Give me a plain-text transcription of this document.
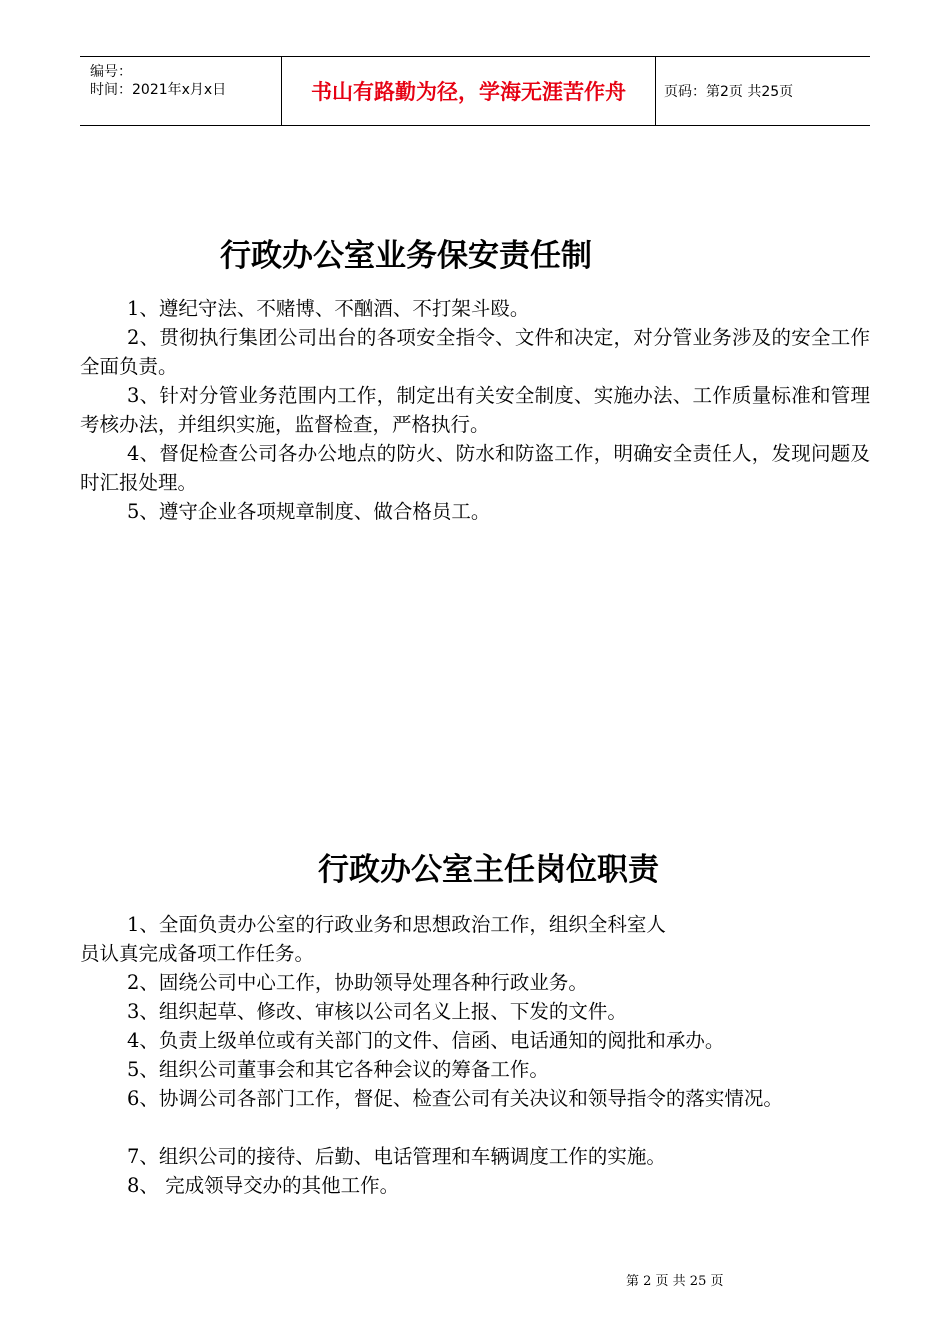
编号：
时间：2021年x月x日	书山有路勤为径，学海无涯苦作舟	页码：第2页 共25页
行政办公室业务保安责任制

1、遵纪守法、不赌博、不酗酒、不打架斗殴。

2、贯彻执行集团公司出台的各项安全指令、文件和决定，对分管业务涉及的安全工作全面负责。

3、针对分管业务范围内工作，制定出有关安全制度、实施办法、工作质量标准和管理考核办法，并组织实施，监督检查，严格执行。

4、督促检查公司各办公地点的防火、防水和防盗工作，明确安全责任人，发现问题及时汇报处理。

5、遵守企业各项规章制度、做合格员工。

行政办公室主任岗位职责

1、全面负责办公室的行政业务和思想政治工作，组织全科室人

员认真完成备项工作任务。

2、固绕公司中心工作，协助领导处理各种行政业务。

3、组织起草、修改、审核以公司名义上报、下发的文件。

4、负责上级单位或有关部门的文件、信函、电话通知的阅批和承办。

5、组织公司董事会和其它各种会议的筹备工作。

6、协调公司各部门工作，督促、检查公司有关决议和领导指令的落实情况。

7、组织公司的接待、后勤、电话管理和车辆调度工作的实施。

8、 完成领导交办的其他工作。

第 2 页 共 25 页
